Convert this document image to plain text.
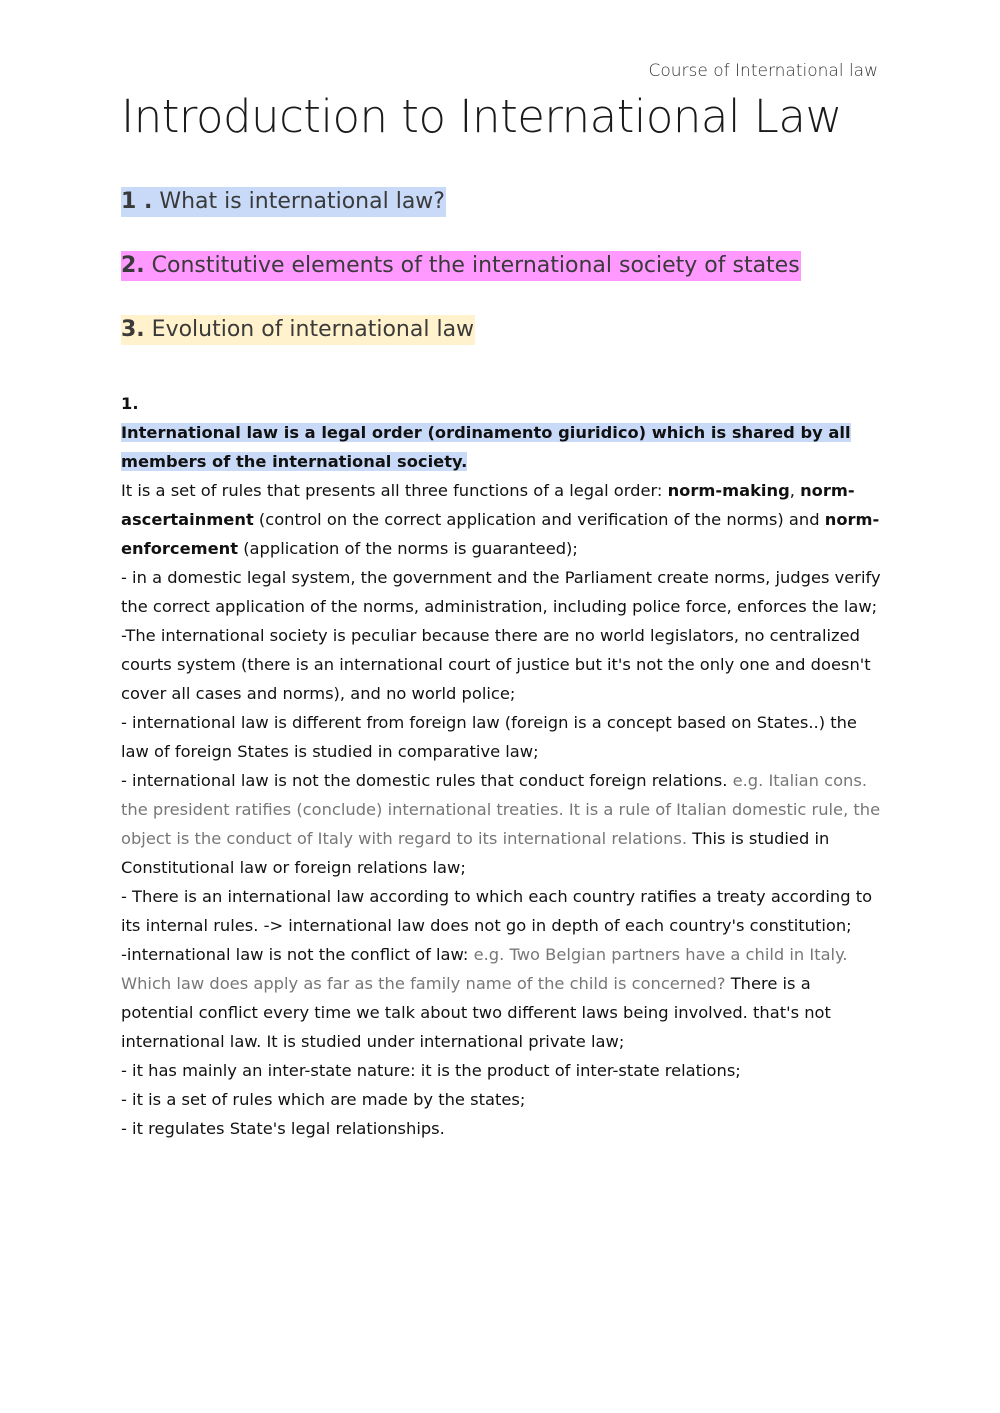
Course of International law
Introduction to International Law
1 . What is international law?
2. Constitutive elements of the international society of states
3. Evolution of international law

1.

International law is a legal order (ordinamento giuridico) which is shared by all members of the international society.

It is a set of rules that presents all three functions of a legal order: norm-making, norm-ascertainment (control on the correct application and verification of the norms) and norm-enforcement (application of the norms is guaranteed);

- in a domestic legal system, the government and the Parliament create norms, judges verify the correct application of the norms, administration, including police force, enforces the law;

-The international society is peculiar because there are no world legislators, no centralized courts system (there is an international court of justice but it's not the only one and doesn't cover all cases and norms), and no world police;

- international law is different from foreign law (foreign is a concept based on States..) the law of foreign States is studied in comparative law;

- international law is not the domestic rules that conduct foreign relations. e.g. Italian cons. the president ratifies (conclude) international treaties. It is a rule of Italian domestic rule, the object is the conduct of Italy with regard to its international relations. This is studied in Constitutional law or foreign relations law;

- There is an international law according to which each country ratifies a treaty according to its internal rules. -> international law does not go in depth of each country's constitution;

-international law is not the conflict of law: e.g. Two Belgian partners have a child in Italy. Which law does apply as far as the family name of the child is concerned? There is a potential conflict every time we talk about two different laws being involved. that's not international law. It is studied under international private law;

- it has mainly an inter-state nature: it is the product of inter-state relations;

- it is a set of rules which are made by the states;

- it regulates State's legal relationships.
